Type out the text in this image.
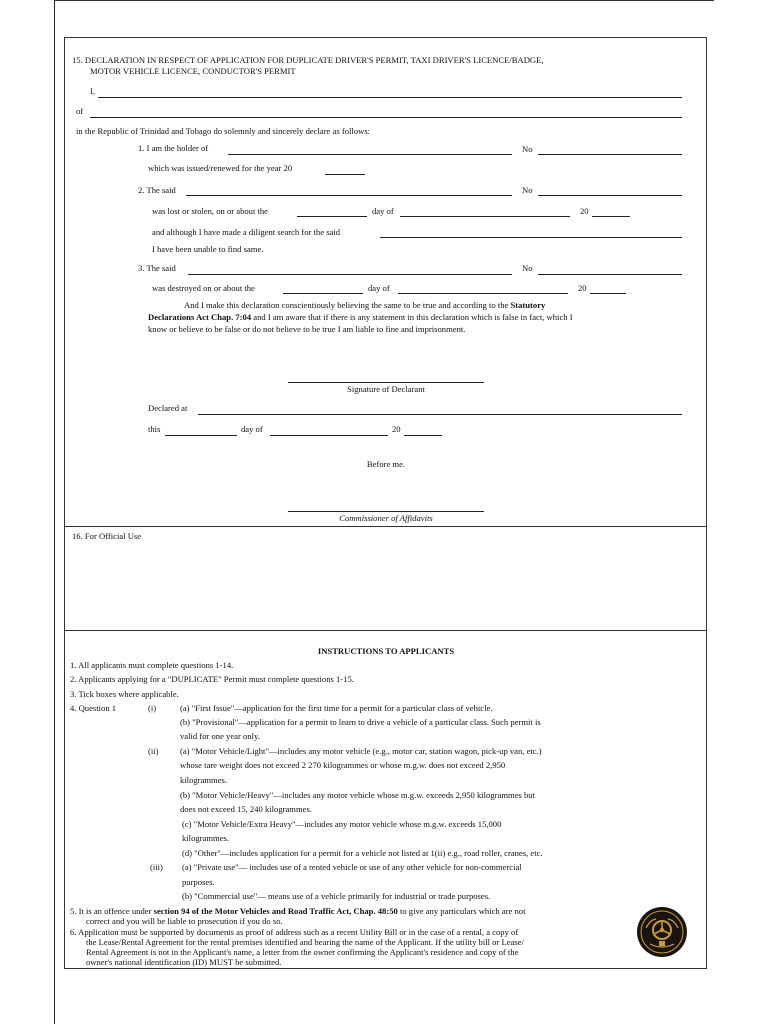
15. DECLARATION IN RESPECT OF APPLICATION FOR DUPLICATE DRIVER'S PERMIT, TAXI DRIVER'S LICENCE/BADGE,
MOTOR VEHICLE LICENCE, CONDUCTOR'S PERMIT
I,
of
in the Republic of Trinidad and Tobago do solemnly and sincerely declare as follows:
1. I am the holder of	No
which was issued/renewed for the year 20
2. The said	No
was lost or stolen, on or about the	day of	20
and although I have made a diligent search for the said
I have been unable to find same.
3. The said	No
was destroyed on or about the	day of	20
And I make this declaration conscientiously believing the same to be true and according to the Statutory
Declarations Act Chap. 7:04 and I am aware that if there is any statement in this declaration which is false in fact, which I
know or believe to be false or do not believe to be true I am liable to fine and imprisonment.
Signature of Declarant
Declared at
this	day of	20
Before me.
Commissioner of Affidavits
16. For Official Use
INSTRUCTIONS TO APPLICANTS
1. All applicants must complete questions 1-14.
2. Applicants applying for a "DUPLICATE" Permit must complete questions 1-15.
3. Tick boxes where applicable.
4. Question 1	(i)	(a) "First Issue"—application for the first time for a permit for a particular class of vehicle.
(b) "Provisional"—application for a permit to learn to drive a vehicle of a particular class. Such permit is
valid for one year only.
(ii)	(a) "Motor Vehicle/Light"—includes any motor vehicle (e.g., motor car, station wagon, pick-up van, etc.)
whose tare weight does not exceed 2 270 kilogrammes or whose m.g.w. does not exceed 2,950
kilogrammes.
(b) "Motor Vehicle/Heavy"—includes any motor vehicle whose m.g.w. exceeds 2,950 kilogrammes but
does not exceed 15, 240 kilogrammes.
(c) "Motor Vehicle/Extra Heavy"—includes any motor vehicle whose m.g.w. exceeds 15,000
kilogrammes.
(d) "Other"—includes application for a permit for a vehicle not listed at 1(ii) e.g., road roller, cranes, etc.
(iii) (a) "Private use"— includes use of a rented vehicle or use of any other vehicle for non-commercial
purposes.
(b) "Commercial use"— means use of a vehicle primarily for industrial or trade purposes.
5. It is an offence under section 94 of the Motor Vehicles and Road Traffic Act, Chap. 48:50 to give any particulars which are not
correct and you will be liable to prosecution if you do so.
6. Application must be supported by documents as proof of address such as a recent Utility Bill or in the case of a rental, a copy of
the Lease/Rental Agreement for the rental premises identified and bearing the name of the Applicant. If the utility bill or Lease/
Rental Agreement is not in the Applicant's name, a letter from the owner confirming the Applicant's residence and copy of the
owner's national identification (ID) MUST be submitted.
